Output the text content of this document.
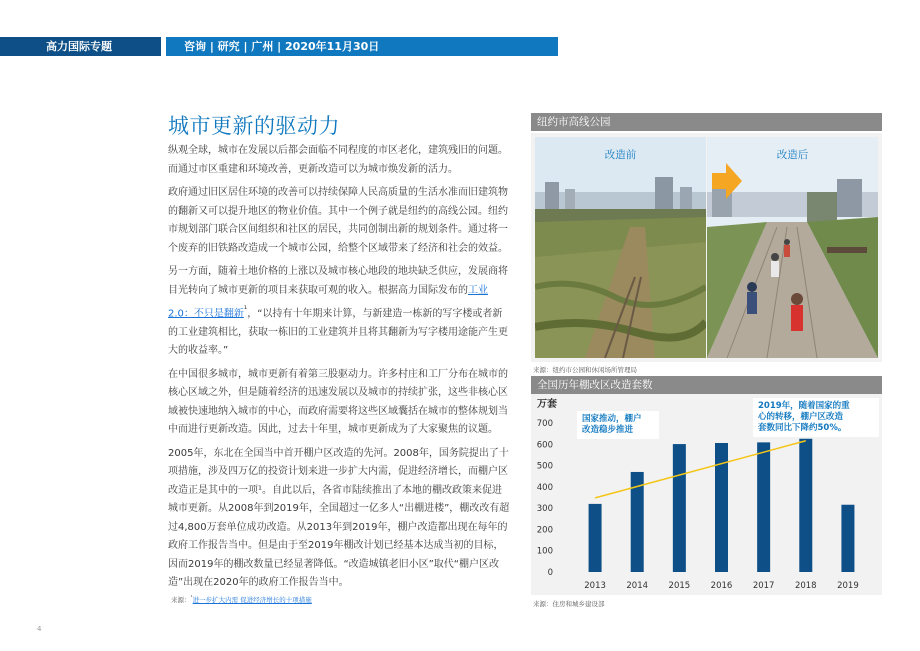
高力国际专题	咨询 | 研究 | 广州 | 2020年11月30日
城市更新的驱动力

纵观全球，城市在发展以后都会面临不同程度的市区老化，建筑残旧的问题。而通过市区重建和环境改善，更新改造可以为城市焕发新的活力。

政府通过旧区居住环境的改善可以持续保障人民高质量的生活水准而旧建筑物的翻新又可以提升地区的物业价值。其中一个例子就是纽约的高线公园。纽约市规划部门联合区间组织和社区的居民，共同创制出新的规划条件。通过将一个废弃的旧铁路改造成一个城市公园，给整个区域带来了经济和社会的效益。

另一方面，随着土地价格的上涨以及城市核心地段的地块缺乏供应，发展商将目光转向了城市更新的项目来获取可观的收入。根据高力国际发布的工业2.0：不只是翻新$^{^1}$，“以持有十年期来计算，与新建造一栋新的写字楼或者新的工业建筑相比，获取一栋旧的工业建筑并且将其翻新为写字楼用途能产生更大的收益率。”

在中国很多城市，城市更新有着第三股驱动力。许多村庄和工厂分布在城市的核心区域之外，但是随着经济的迅速发展以及城市的持续扩张，这些非核心区域被快速地纳入城市的中心，而政府需要将这些区域囊括在城市的整体规划当中而进行更新改造。因此，过去十年里，城市更新成为了大家聚焦的议题。

2005年，东北在全国当中首开棚户区改造的先河。2008年，国务院提出了十项措施，涉及四万亿的投资计划来进一步扩大内需，促进经济增长，而棚户区改造正是其中的一项¹。自此以后，各省市陆续推出了本地的棚改政策来促进城市更新。从2008年到2019年，全国超过一亿多人“出棚进楼”，棚改改有超过4,800万套单位成功改造。从2013年到2019年，棚户改造都出现在每年的政府工作报告当中。但是由于至2019年棚改计划已经基本达成当初的目标，因而2019年的棚改数量已经显著降低。“改造城镇老旧小区”取代“棚户区改造”出现在2020年的政府工作报告当中。

来源：$^{^1}$进一步扩大内需 促进经济增长的十项措施
4
纽约市高线公园
改造前	改造后
来源：纽约市公园和休闲场所管理局
全国历年棚改区改造套数
万套
0
100
200
300
400
500
600
700
2013 2014 2015 2016 2017 2018 2019
国家推动，棚户
改造稳步推进
2019年，随着国家的重
心的转移，棚户区改造
套数同比下降约50%。
来源：住房和城乡建设部
